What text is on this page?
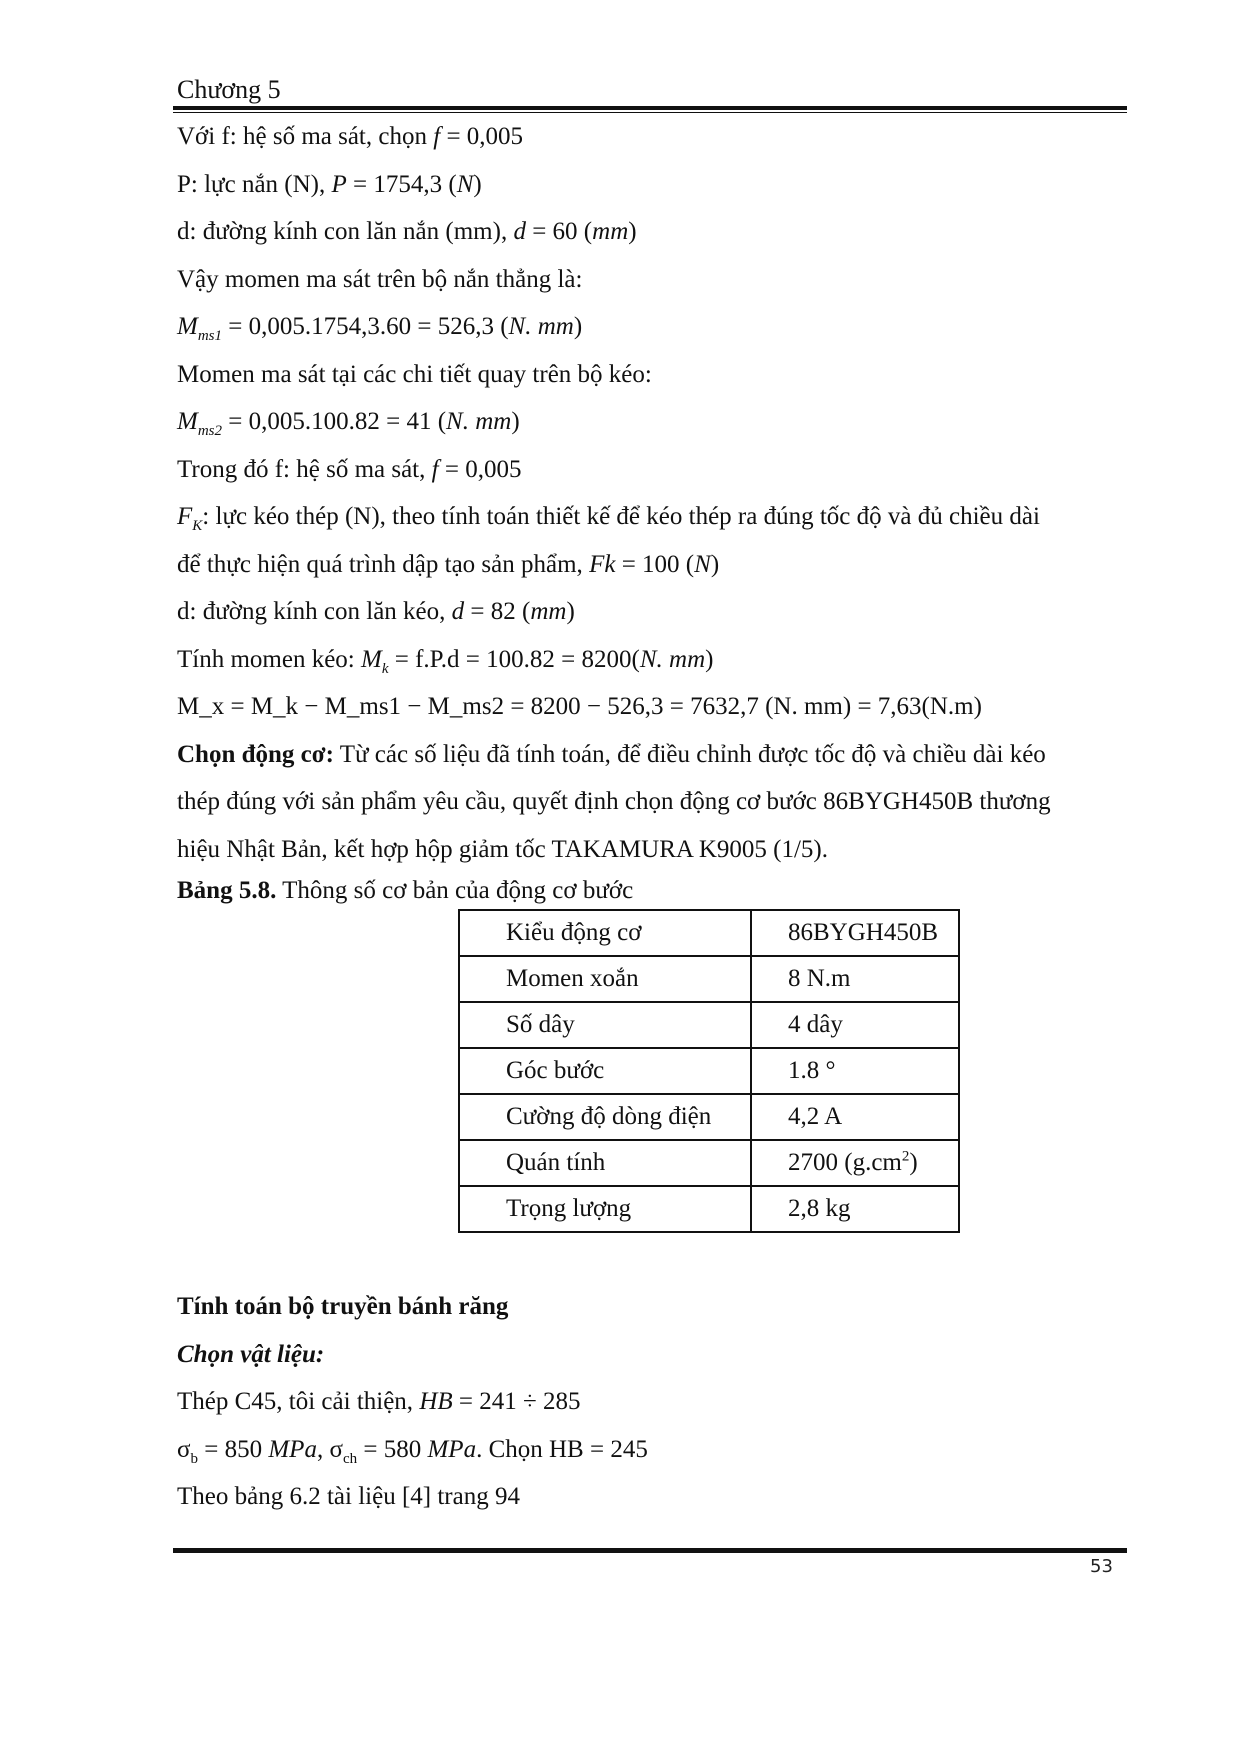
Chương 5

Với f: hệ số ma sát, chọn f = 0,005

P: lực nắn (N), P = 1754,3 (N)

d: đường kính con lăn nắn (mm), d = 60 (mm)

Vậy momen ma sát trên bộ nắn thẳng là:

$M_{ms1} = 0,005.1754,3.60 = 526,3$ (N. mm)

Momen ma sát tại các chi tiết quay trên bộ kéo:

$M_{ms2} = 0,005.100.82 = 41$ (N. mm)

Trong đó f: hệ số ma sát, f = 0,005

$F_K$: lực kéo thép (N), theo tính toán thiết kế để kéo thép ra đúng tốc độ và đủ chiều dài

để thực hiện quá trình dập tạo sản phẩm, Fk = 100 (N)

d: đường kính con lăn kéo, d = 82 (mm)

Tính momen kéo: $M_k = f.P.d = 100.82 = 8200(N$. mm)

M_x = M_k − M_ms1 − M_ms2 = 8200 − 526,3 = 7632,7 (N. mm) = 7,63(N.m)

Chọn động cơ: Từ các số liệu đã tính toán, để điều chỉnh được tốc độ và chiều dài kéo

thép đúng với sản phẩm yêu cầu, quyết định chọn động cơ bước 86BYGH450B thương

hiệu Nhật Bản, kết hợp hộp giảm tốc TAKAMURA K9005 (1/5).

Bảng 5.8. Thông số cơ bản của động cơ bước
Kiểu động cơ	86BYGH450B
Momen xoắn	8 N.m
Số dây	4 dây
Góc bước	1.8 °
Cường độ dòng điện	4,2 A
Quán tính	2700 $(g.cm^2)$
Trọng lượng	2,8 kg

Tính toán bộ truyền bánh răng

Chọn vật liệu:

Thép C45, tôi cải thiện, HB = 241 ÷ 285

$\sigma_b = 850$ MPa, $\sigma_{ch} = 580$ MPa. Chọn HB = 245

Theo bảng 6.2 tài liệu [4] trang 94

53
